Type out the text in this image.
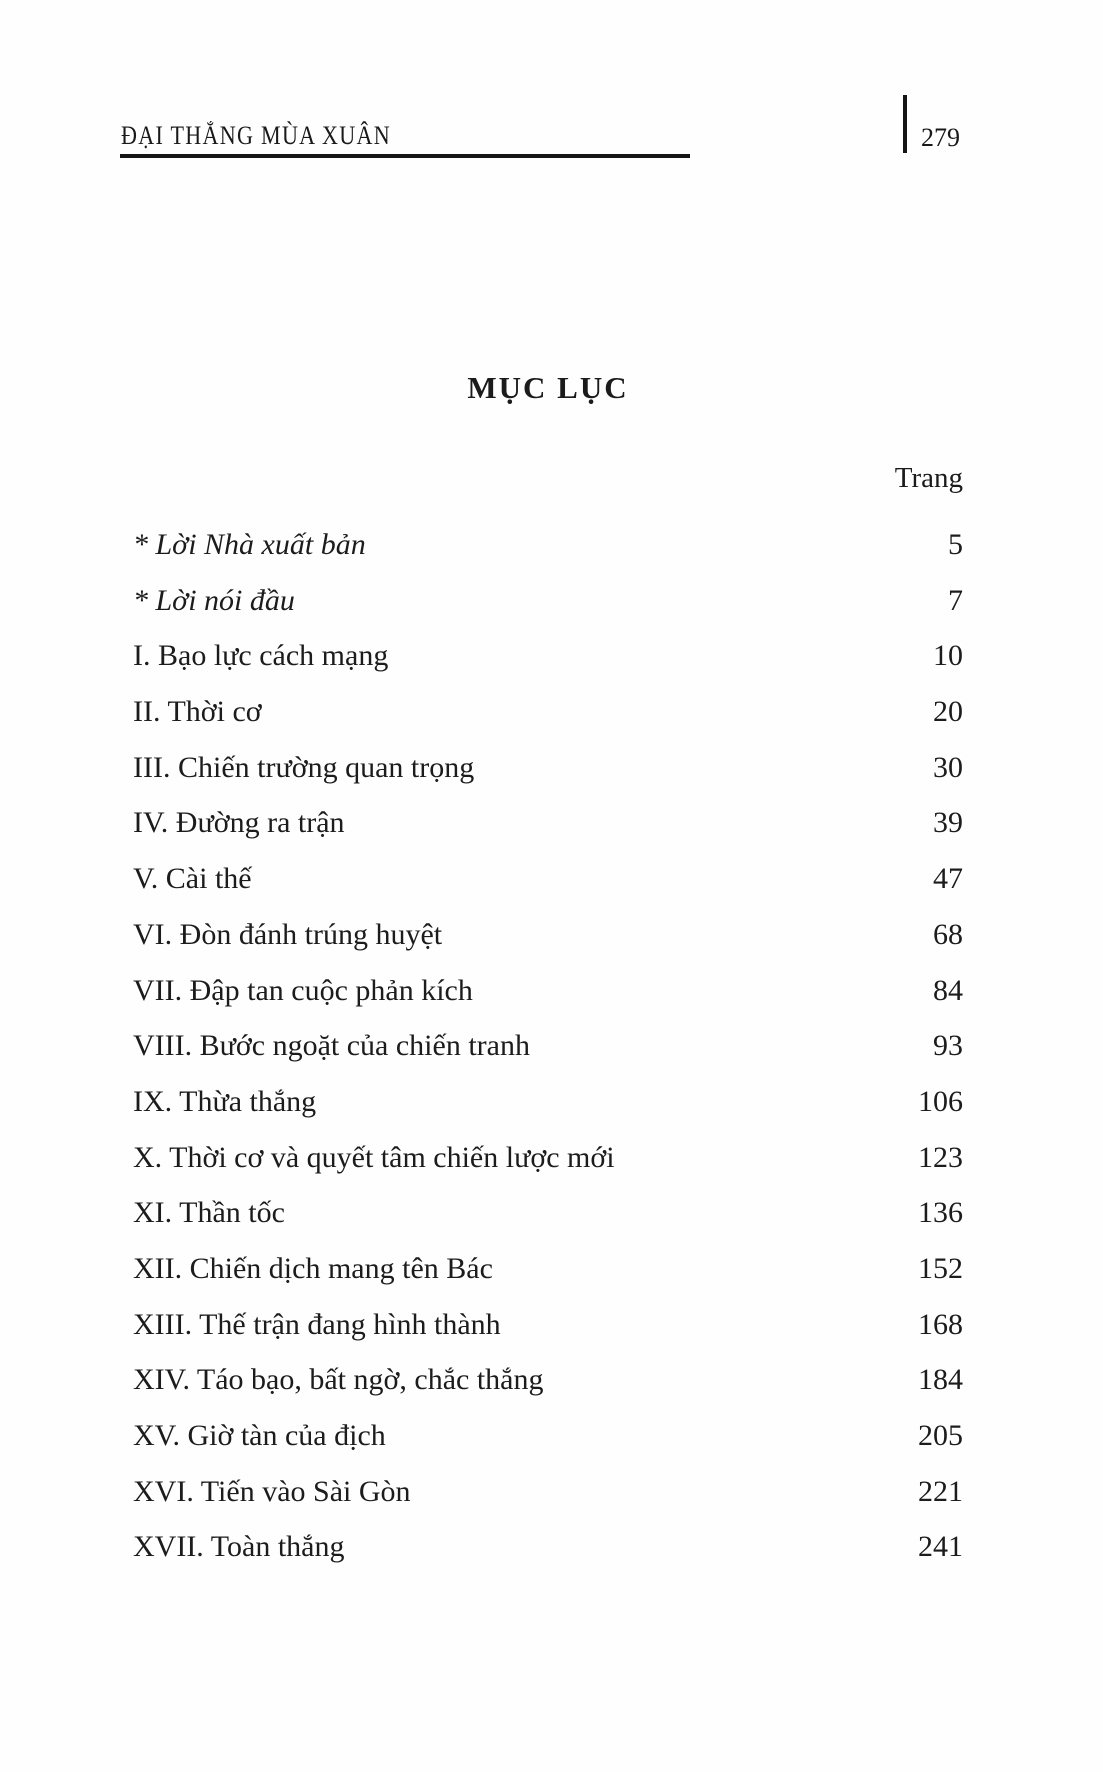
ĐẠI THẮNG MÙA XUÂN	279
MỤC LỤC
Trang
* Lời Nhà xuất bản	5
* Lời nói đầu	7
I. Bạo lực cách mạng	10
II. Thời cơ	20
III. Chiến trường quan trọng	30
IV. Đường ra trận	39
V. Cài thế	47
VI. Đòn đánh trúng huyệt	68
VII. Đập tan cuộc phản kích	84
VIII. Bước ngoặt của chiến tranh	93
IX. Thừa thắng	106
X. Thời cơ và quyết tâm chiến lược mới	123
XI. Thần tốc	136
XII. Chiến dịch mang tên Bác	152
XIII. Thế trận đang hình thành	168
XIV. Táo bạo, bất ngờ, chắc thắng	184
XV. Giờ tàn của địch	205
XVI. Tiến vào Sài Gòn	221
XVII. Toàn thắng	241
